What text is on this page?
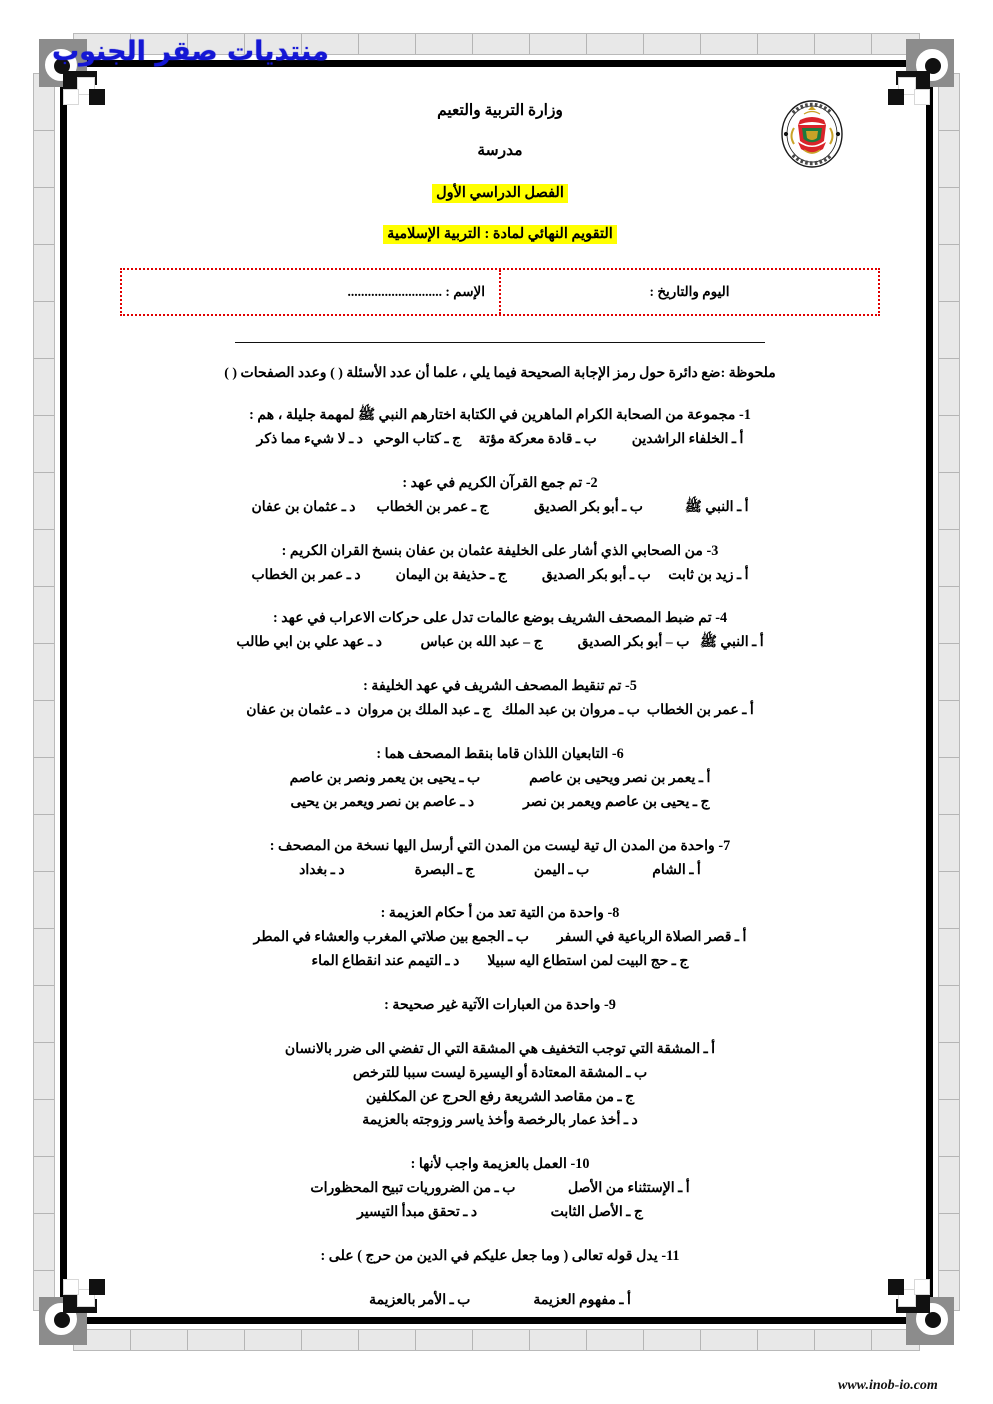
منتديات صقر الجنوب
وزارة التربية والتعيم
مدرسة
الفصل الدراسي الأول
التقويم النهائي لمادة : التربية الإسلامية
اليوم والتاريخ :
الإسم : ............................
ملحوظة :ضع دائرة حول رمز الإجابة الصحيحة فيما يلي ، علما أن عدد الأسئلة ( ) وعدد الصفحات ( )
1- مجموعة من الصحابة الكرام الماهرين في الكتابة اختارهم النبي ﷺ لمهمة جليلة ، هم :
أ ـ الخلفاء الراشدين          ب ـ قادة معركة مؤتة     ج ـ كتاب الوحي   د ـ لا شيء مما ذكر
2- تم جمع القرآن الكريم في عهد :
أ ـ النبي ﷺ            ب ـ أبو بكر الصديق             ج ـ عمر بن الخطاب      د ـ عثمان بن عفان
3- من الصحابي الذي أشار على الخليفة عثمان بن عفان بنسخ القران الكريم :
أ ـ زيد بن ثابت     ب ـ أبو بكر الصديق          ج ـ حذيفة بن اليمان          د ـ عمر بن الخطاب
4- تم ضبط المصحف الشريف بوضع عالمات تدل على حركات الاعراب في عهد :
أ ـ النبي ﷺ   ب – أبو بكر الصديق          ج – عبد الله بن عباس           د ـ عهد علي بن ابي طالب
5- تم تنقيط المصحف الشريف في عهد الخليفة :
أ ـ عمر بن الخطاب  ب ـ مروان بن عبد الملك   ج ـ عبد الملك بن مروان  د ـ عثمان بن عفان
6- التابعيان اللذان قاما بنقط المصحف هما :
أ ـ يعمر بن نصر ويحيى بن عاصم              ب ـ يحيى بن يعمر ونصر بن عاصم
ج ـ يحيى بن عاصم ويعمر بن نصر              د ـ عاصم بن نصر ويعمر بن يحيى
7- واحدة من المدن ال تية ليست من المدن التي أرسل اليها نسخة من المصحف :
أ ـ الشام                  ب ـ اليمن                 ج ـ البصرة                    د ـ بغداد
8- واحدة من التية تعد من أ حكام العزيمة :
أ ـ قصر الصلاة الرباعية في السفر        ب ـ الجمع بين صلاتي المغرب والعشاء في المطر
ج ـ حج البيت لمن استطاع اليه سبيلا        د ـ التيمم عند انقطاع الماء
9- واحدة من العبارات الآتية غير صحيحة :
أ ـ المشقة التي توجب التخفيف هي المشقة التي ال تفضي الى ضرر بالانسان
ب ـ المشقة المعتادة أو اليسيرة ليست سببا للترخص
ج ـ من مقاصد الشريعة رفع الحرج عن المكلفين
د ـ أخذ عمار بالرخصة وأخذ ياسر وزوجته بالعزيمة
10- العمل بالعزيمة واجب لأنها :
أ ـ الإستثناء من الأصل               ب ـ من الضروريات تبيح المحظورات
ج ـ الأصل الثابت                     د ـ تحقق مبدأ التيسير
11- يدل قوله تعالى ( وما جعل عليكم في الدين من حرج ) على :
أ ـ مفهوم العزيمة                  ب ـ الأمر بالعزيمة
www.inob-io.com
